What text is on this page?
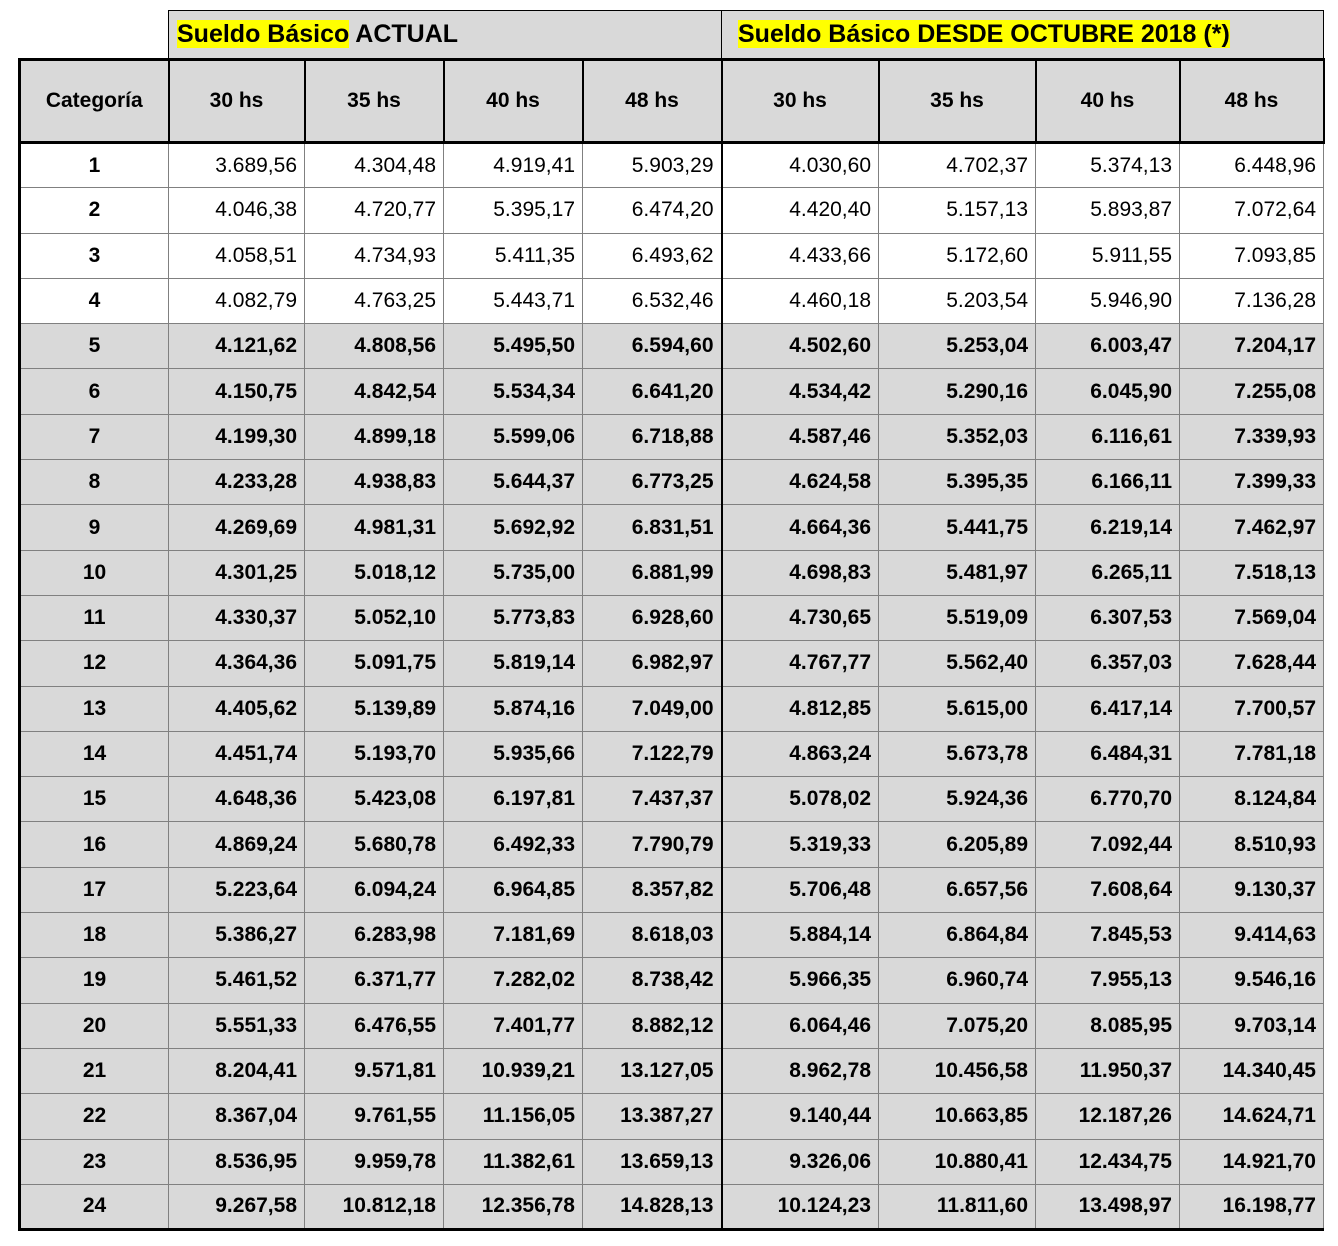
	Sueldo Básico ACTUAL				Sueldo Básico DESDE OCTUBRE 2018 (*)			
Categoría	30 hs	35 hs	40 hs	48 hs	30 hs	35 hs	40 hs	48 hs
1	3.689,56	4.304,48	4.919,41	5.903,29	4.030,60	4.702,37	5.374,13	6.448,96
2	4.046,38	4.720,77	5.395,17	6.474,20	4.420,40	5.157,13	5.893,87	7.072,64
3	4.058,51	4.734,93	5.411,35	6.493,62	4.433,66	5.172,60	5.911,55	7.093,85
4	4.082,79	4.763,25	5.443,71	6.532,46	4.460,18	5.203,54	5.946,90	7.136,28
5	4.121,62	4.808,56	5.495,50	6.594,60	4.502,60	5.253,04	6.003,47	7.204,17
6	4.150,75	4.842,54	5.534,34	6.641,20	4.534,42	5.290,16	6.045,90	7.255,08
7	4.199,30	4.899,18	5.599,06	6.718,88	4.587,46	5.352,03	6.116,61	7.339,93
8	4.233,28	4.938,83	5.644,37	6.773,25	4.624,58	5.395,35	6.166,11	7.399,33
9	4.269,69	4.981,31	5.692,92	6.831,51	4.664,36	5.441,75	6.219,14	7.462,97
10	4.301,25	5.018,12	5.735,00	6.881,99	4.698,83	5.481,97	6.265,11	7.518,13
11	4.330,37	5.052,10	5.773,83	6.928,60	4.730,65	5.519,09	6.307,53	7.569,04
12	4.364,36	5.091,75	5.819,14	6.982,97	4.767,77	5.562,40	6.357,03	7.628,44
13	4.405,62	5.139,89	5.874,16	7.049,00	4.812,85	5.615,00	6.417,14	7.700,57
14	4.451,74	5.193,70	5.935,66	7.122,79	4.863,24	5.673,78	6.484,31	7.781,18
15	4.648,36	5.423,08	6.197,81	7.437,37	5.078,02	5.924,36	6.770,70	8.124,84
16	4.869,24	5.680,78	6.492,33	7.790,79	5.319,33	6.205,89	7.092,44	8.510,93
17	5.223,64	6.094,24	6.964,85	8.357,82	5.706,48	6.657,56	7.608,64	9.130,37
18	5.386,27	6.283,98	7.181,69	8.618,03	5.884,14	6.864,84	7.845,53	9.414,63
19	5.461,52	6.371,77	7.282,02	8.738,42	5.966,35	6.960,74	7.955,13	9.546,16
20	5.551,33	6.476,55	7.401,77	8.882,12	6.064,46	7.075,20	8.085,95	9.703,14
21	8.204,41	9.571,81	10.939,21	13.127,05	8.962,78	10.456,58	11.950,37	14.340,45
22	8.367,04	9.761,55	11.156,05	13.387,27	9.140,44	10.663,85	12.187,26	14.624,71
23	8.536,95	9.959,78	11.382,61	13.659,13	9.326,06	10.880,41	12.434,75	14.921,70
24	9.267,58	10.812,18	12.356,78	14.828,13	10.124,23	11.811,60	13.498,97	16.198,77
